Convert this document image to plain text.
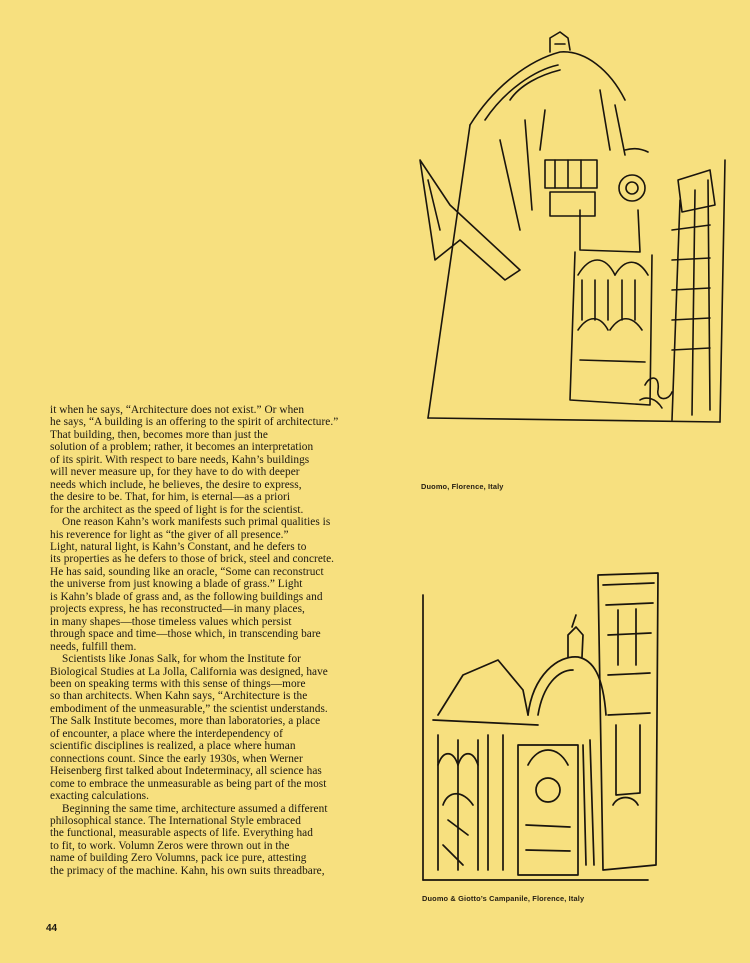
Duomo, Florence, Italy
Duomo & Giotto’s Campanile, Florence, Italy
it when he says, “Architecture does not exist.” Or when
he says, “A building is an offering to the spirit of architecture.”
That building, then, becomes more than just the
solution of a problem; rather, it becomes an interpretation
of its spirit. With respect to bare needs, Kahn’s buildings
will never measure up, for they have to do with deeper
needs which include, he believes, the desire to express,
the desire to be. That, for him, is eternal—as a priori
for the architect as the speed of light is for the scientist.
One reason Kahn’s work manifests such primal qualities is
his reverence for light as “the giver of all presence.”
Light, natural light, is Kahn’s Constant, and he defers to
its properties as he defers to those of brick, steel and concrete.
He has said, sounding like an oracle, “Some can reconstruct
the universe from just knowing a blade of grass.” Light
is Kahn’s blade of grass and, as the following buildings and
projects express, he has reconstructed—in many places,
in many shapes—those timeless values which persist
through space and time—those which, in transcending bare
needs, fulfill them.
Scientists like Jonas Salk, for whom the Institute for
Biological Studies at La Jolla, California was designed, have
been on speaking terms with this sense of things—more
so than architects. When Kahn says, “Architecture is the
embodiment of the unmeasurable,” the scientist understands.
The Salk Institute becomes, more than laboratories, a place
of encounter, a place where the interdependency of
scientific disciplines is realized, a place where human
connections count. Since the early 1930s, when Werner
Heisenberg first talked about Indeterminacy, all science has
come to embrace the unmeasurable as being part of the most
exacting calculations.
Beginning the same time, architecture assumed a different
philosophical stance. The International Style embraced
the functional, measurable aspects of life. Everything had
to fit, to work. Volumn Zeros were thrown out in the
name of building Zero Volumns, pack ice pure, attesting
the primacy of the machine. Kahn, his own suits threadbare,
44
